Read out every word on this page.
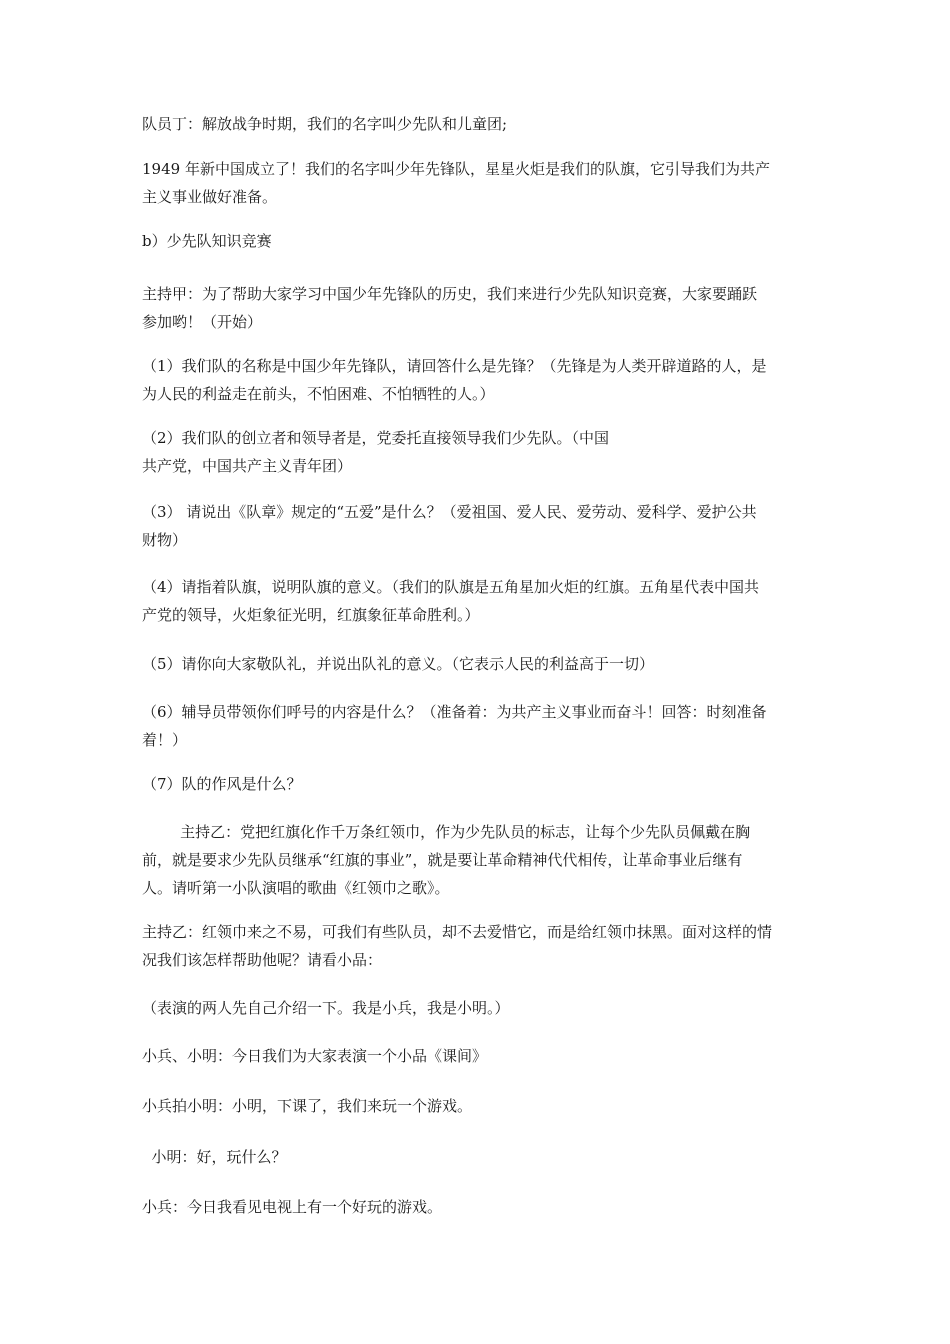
队员丁：解放战争时期，我们的名字叫少先队和儿童团;

1949 年新中国成立了！我们的名字叫少年先锋队，星星火炬是我们的队旗，它引导我们为共产
主义事业做好准备。

b）少先队知识竞赛

主持甲：为了帮助大家学习中国少年先锋队的历史，我们来进行少先队知识竞赛，大家要踊跃
参加哟！（开始）

（1）我们队的名称是中国少年先锋队，请回答什么是先锋？（先锋是为人类开辟道路的人，是
为人民的利益走在前头，不怕困难、不怕牺牲的人。）

（2）我们队的创立者和领导者是，党委托直接领导我们少先队。（中国
共产党，中国共产主义青年团）

（3） 请说出《队章》规定的“五爱”是什么？（爱祖国、爱人民、爱劳动、爱科学、爱护公共
财物）

（4）请指着队旗，说明队旗的意义。（我们的队旗是五角星加火炬的红旗。五角星代表中国共
产党的领导，火炬象征光明，红旗象征革命胜利。）

（5）请你向大家敬队礼，并说出队礼的意义。（它表示人民的利益高于一切）

（6）辅导员带领你们呼号的内容是什么？（准备着：为共产主义事业而奋斗！回答：时刻准备
着！）

（7）队的作风是什么？

主持乙：党把红旗化作千万条红领巾，作为少先队员的标志，让每个少先队员佩戴在胸
前，就是要求少先队员继承“红旗的事业”，就是要让革命精神代代相传，让革命事业后继有
人。请听第一小队演唱的歌曲《红领巾之歌》。

主持乙：红领巾来之不易，可我们有些队员，却不去爱惜它，而是给红领巾抹黑。面对这样的情
况我们该怎样帮助他呢？请看小品：

（表演的两人先自己介绍一下。我是小兵，我是小明。）

小兵、小明：今日我们为大家表演一个小品《课间》

小兵拍小明：小明，下课了，我们来玩一个游戏。

小明：好，玩什么？

小兵：今日我看见电视上有一个好玩的游戏。
